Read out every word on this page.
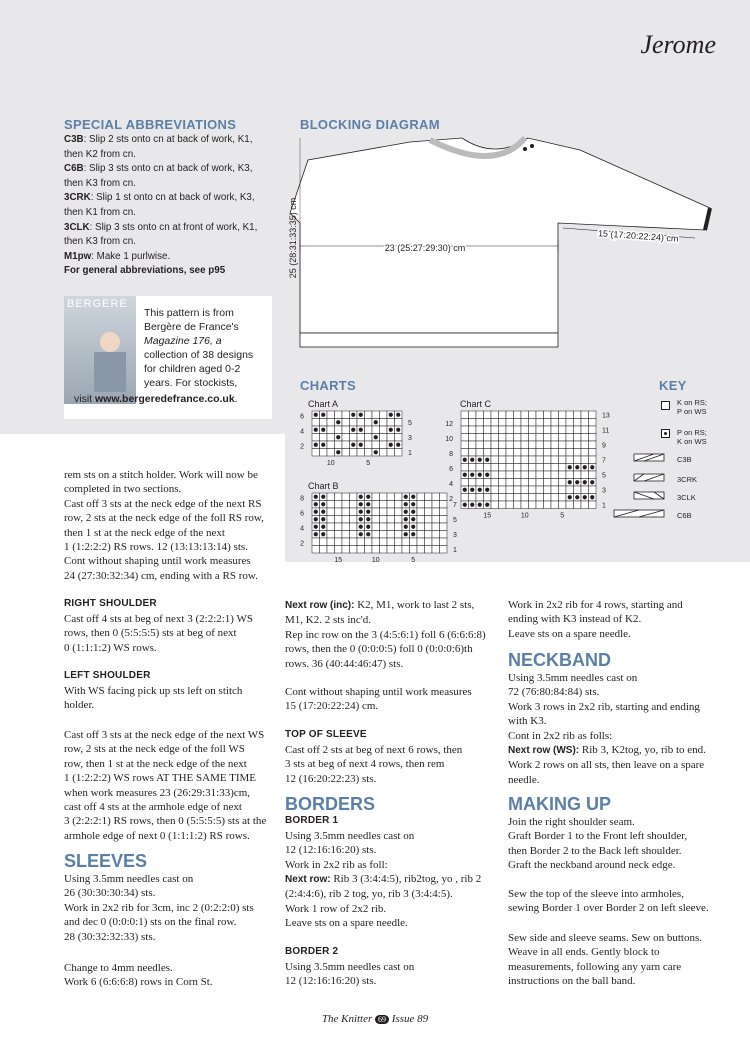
Jerome
SPECIAL ABBREVIATIONS
C3B: Slip 2 sts onto cn at back of work, K1,
then K2 from cn.
C6B: Slip 3 sts onto cn at back of work, K3,
then K3 from cn.
3CRK: Slip 1 st onto cn at back of work, K3,
then K1 from cn.
3CLK: Slip 3 sts onto cn at front of work, K1,
then K3 from cn.
M1pw: Make 1 purlwise.
For general abbreviations, see p95
BERGERE
This pattern is from
Bergère de France's
Magazine 176, a
collection of 38 designs
for children aged 0-2
years. For stockists,
visit www.bergeredefrance.co.uk.
BLOCKING DIAGRAM
23 (25:27:29:30) cm
25 (28:31:33:35) cm	15 (17:20:22:24) cm
CHARTS
Chart A
Chart B
Chart C
6
4
2
5
3
1
10	5
8
6
4
2
7
5
3
1
15	10	5
12
10
8
6
4
2
13
11
9
7
5
3
1
15	10	5
KEY
K on RS;
P on WS
P on RS;
K on WS
C3B
3CRK
3CLK
C6B
rem sts on a stitch holder. Work will now be
completed in two sections.
Cast off 3 sts at the neck edge of the next RS
row, 2 sts at the neck edge of the foll RS row,
then 1 st at the neck edge of the next
1 (1:2:2:2) RS rows. 12 (13:13:13:14) sts.
Cont without shaping until work measures
24 (27:30:32:34) cm, ending with a RS row.
RIGHT SHOULDER
Cast off 4 sts at beg of next 3 (2:2:2:1) WS
rows, then 0 (5:5:5:5) sts at beg of next
0 (1:1:1:2) WS rows.
LEFT SHOULDER
With WS facing pick up sts left on stitch
holder.
Cast off 3 sts at the neck edge of the next WS
row, 2 sts at the neck edge of the foll WS
row, then 1 st at the neck edge of the next
1 (1:2:2:2) WS rows AT THE SAME TIME
when work measures 23 (26:29:31:33)cm,
cast off 4 sts at the armhole edge of next
3 (2:2:2:1) RS rows, then 0 (5:5:5:5) sts at the
armhole edge of next 0 (1:1:1:2) RS rows.
SLEEVES
Using 3.5mm needles cast on
26 (30:30:30:34) sts.
Work in 2x2 rib for 3cm, inc 2 (0:2:2:0) sts
and dec 0 (0:0:0:1) sts on the final row.
28 (30:32:32:33) sts.
Change to 4mm needles.
Work 6 (6:6:6:8) rows in Corn St.
Next row (inc): K2, M1, work to last 2 sts,
M1, K2. 2 sts inc'd.
Rep inc row on the 3 (4:5:6:1) foll 6 (6:6:6:8)
rows, then the 0 (0:0:0:5) foll 0 (0:0:0:6)th
rows. 36 (40:44:46:47) sts.
Cont without shaping until work measures
15 (17:20:22:24) cm.
TOP OF SLEEVE
Cast off 2 sts at beg of next 6 rows, then
3 sts at beg of next 4 rows, then rem
12 (16:20:22:23) sts.
BORDERS
BORDER 1
Using 3.5mm needles cast on
12 (12:16:16:20) sts.
Work in 2x2 rib as foll:
Next row: Rib 3 (3:4:4:5), rib2tog, yo , rib 2
(2:4:4:6), rib 2 tog, yo, rib 3 (3:4:4:5).
Work 1 row of 2x2 rib.
Leave sts on a spare needle.
BORDER 2
Using 3.5mm needles cast on
12 (12:16:16:20) sts.
Work in 2x2 rib for 4 rows, starting and
ending with K3 instead of K2.
Leave sts on a spare needle.
NECKBAND
Using 3.5mm needles cast on
72 (76:80:84:84) sts.
Work 3 rows in 2x2 rib, starting and ending
with K3.
Cont in 2x2 rib as folls:
Next row (WS): Rib 3, K2tog, yo, rib to end.
Work 2 rows on all sts, then leave on a spare
needle.
MAKING UP
Join the right shoulder seam.
Graft Border 1 to the Front left shoulder,
then Border 2 to the Back left shoulder.
Graft the neckband around neck edge.
Sew the top of the sleeve into armholes,
sewing Border 1 over Border 2 on left sleeve.
Sew side and sleeve seams. Sew on buttons.
Weave in all ends. Gently block to
measurements, following any yarn care
instructions on the ball band.
The Knitter 69 Issue 89
